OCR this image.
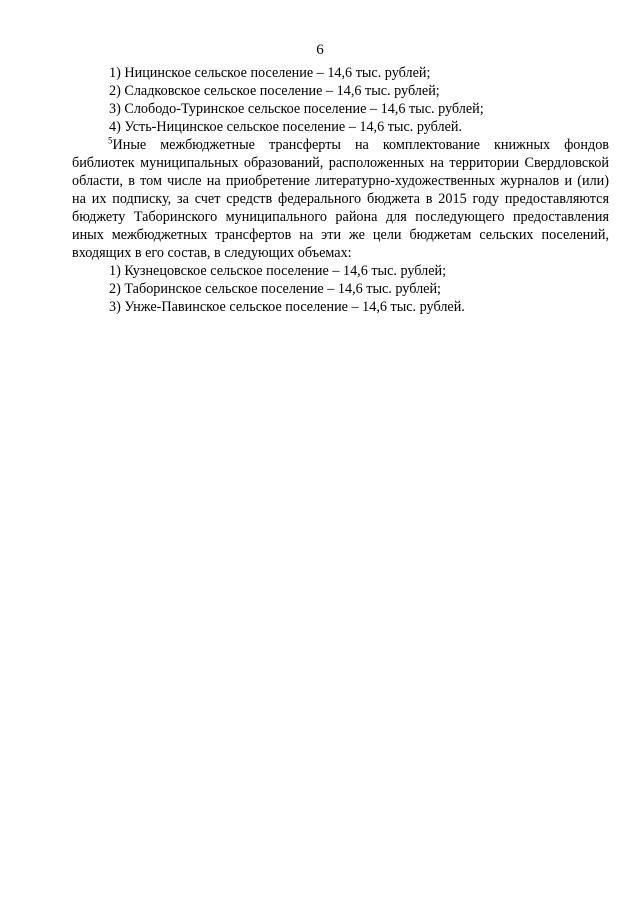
6

1) Ницинское сельское поселение – 14,6 тыс. рублей;

2) Сладковское сельское поселение – 14,6 тыс. рублей;

3) Слободо-Туринское сельское поселение – 14,6 тыс. рублей;

4) Усть-Ницинское сельское поселение – 14,6 тыс. рублей.

$^5$Иные межбюджетные трансферты на комплектование книжных фондов библиотек муниципальных образований, расположенных на территории Свердловской области, в том числе на приобретение литературно-художественных журналов и (или) на их подписку, за счет средств федерального бюджета в 2015 году предоставляются бюджету Таборинского муниципального района для последующего предоставления иных межбюджетных трансфертов на эти же цели бюджетам сельских поселений, входящих в его состав, в следующих объемах:

1) Кузнецовское сельское поселение – 14,6 тыс. рублей;

2) Таборинское сельское поселение – 14,6 тыс. рублей;

3) Унже-Павинское сельское поселение – 14,6 тыс. рублей.
